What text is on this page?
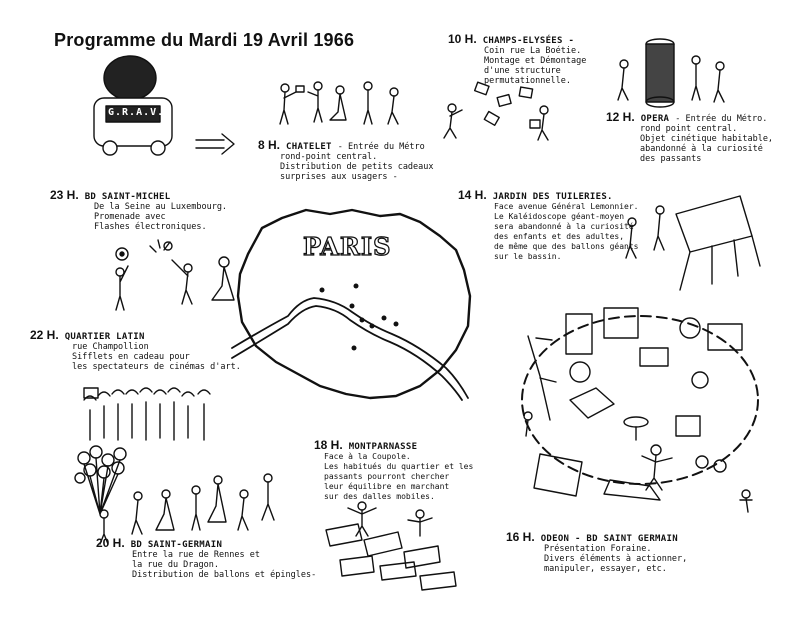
Programme du Mardi 19 Avril 1966
PARIS
G.R.A.V.
8 H. CHATELET - Entrée du Métro
rond-point central.
Distribution de petits cadeaux
surprises aux usagers -
10 H. CHAMPS-ELYSÉES -
Coin rue La Boétie.
Montage et Démontage
d'une structure
permutationnelle.
12 H. OPERA - Entrée du Métro.
rond point central.
Objet cinétique habitable,
abandonné à la curiosité
des passants
14 H. JARDIN DES TUILERIES.
Face avenue Général Lemonnier.
Le Kaléidoscope géant-moyen
sera abandonné à la curiosité
des enfants et des adultes,
de même que des ballons géants
sur le bassin.
16 H. ODEON - BD SAINT GERMAIN
Présentation Foraine.
Divers éléments à actionner,
manipuler, essayer, etc.
18 H. MONTPARNASSE
Face à la Coupole.
Les habitués du quartier et les
passants pourront chercher
leur équilibre en marchant
sur des dalles mobiles.
20 H. BD SAINT-GERMAIN
Entre la rue de Rennes et
la rue du Dragon.
Distribution de ballons et épingles-
22 H. QUARTIER LATIN
rue Champollion
Sifflets en cadeau pour
les spectateurs de cinémas d'art.
23 H. BD SAINT-MICHEL
De la Seine au Luxembourg.
Promenade avec
Flashes électroniques.
